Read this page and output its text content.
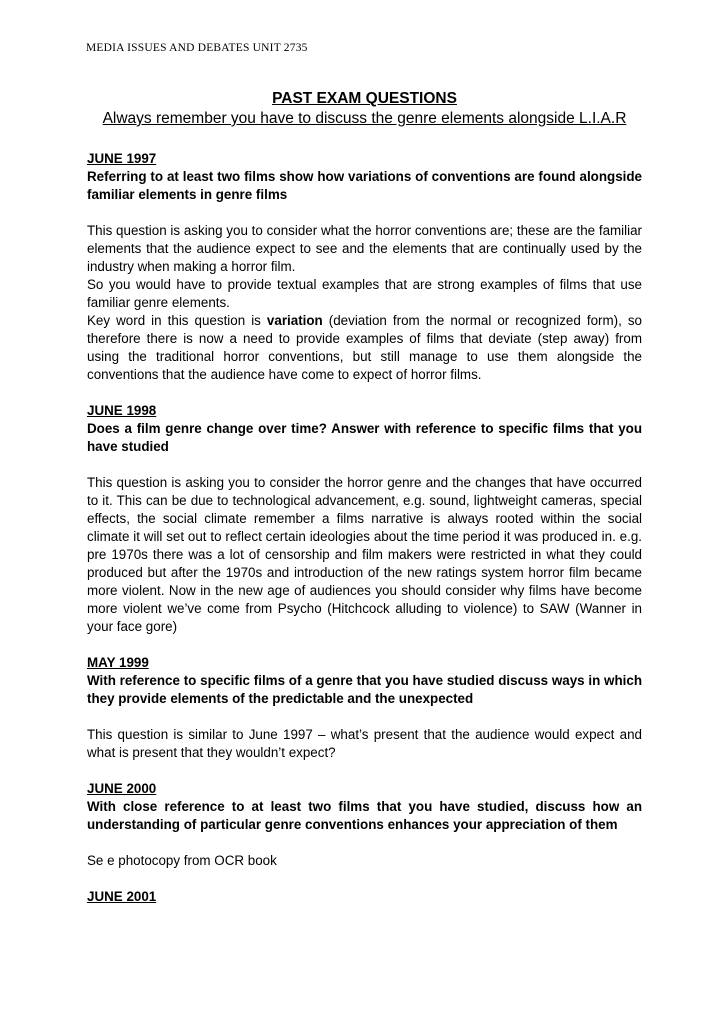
MEDIA ISSUES AND DEBATES UNIT 2735
PAST EXAM QUESTIONS
Always remember you have to discuss the genre elements alongside L.I.A.R
JUNE 1997
Referring to at least two films show how variations of conventions are found alongside familiar elements in genre films

This question is asking you to consider what the horror conventions are; these are the familiar elements that the audience expect to see and the elements that are continually used by the industry when making a horror film.

So you would have to provide textual examples that are strong examples of films that use familiar genre elements.

Key word in this question is variation (deviation from the normal or recognized form), so therefore there is now a need to provide examples of films that deviate (step away) from using the traditional horror conventions, but still manage to use them alongside the conventions that the audience have come to expect of horror films.

JUNE 1998
Does a film genre change over time? Answer with reference to specific films that you have studied
This question is asking you to consider the horror genre and the changes that have occurred to it. This can be due to technological advancement, e.g. sound, lightweight cameras, special effects, the social climate remember a films narrative is always rooted within the social climate it will set out to reflect certain ideologies about the time period it was produced in. e.g. pre 1970s there was a lot of censorship and film makers were restricted in what they could produced but after the 1970s and introduction of the new ratings system horror film became more violent. Now in the new age of audiences you should consider why films have become more violent we’ve come from Psycho (Hitchcock alluding to violence) to SAW (Wanner in your face gore)
MAY 1999
With reference to specific films of a genre that you have studied discuss ways in which they provide elements of the predictable and the unexpected
This question is similar to June 1997 – what’s present that the audience would expect and what is present that they wouldn’t expect?
JUNE 2000
With close reference to at least two films that you have studied, discuss how an understanding of particular genre conventions enhances your appreciation of them
Se e photocopy from OCR book
JUNE 2001
